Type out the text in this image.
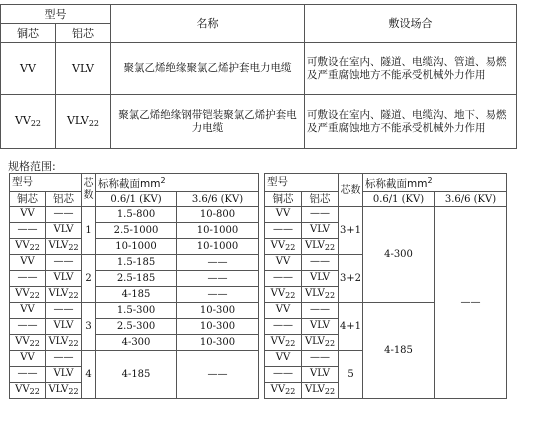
型号		名称	敷设场合
铜芯	铝芯		
VV	VLV	聚氯乙烯绝缘聚氯乙烯护套电力电缆	可敷设在室内、隧道、电缆沟、管道、易燃及严重腐蚀地方不能承受机械外力作用
$VV_{22}$	$VLV_{22}$	聚氯乙烯绝缘钢带铠装聚氯乙烯护套电力电缆	可敷设在室内、隧道、电缆沟、地下、易燃及严重腐蚀地方不能承受机械外力作用
规格范围:
型号		芯数	标称截面$mm^2$
铜芯	铝芯		0.6/1 (KV)	3.6/6 (KV)
VV	——	1	1.5-800	10-800
——	VLV		2.5-1000	10-1000
$VV_{22}$	$VLV_{22}$		10-1000	10-1000
VV	——	2	1.5-185	——
——	VLV		2.5-185	——
$VV_{22}$	$VLV_{22}$		4-185	——
VV	——	3	1.5-300	10-300
——	VLV		2.5-300	10-300
$VV_{22}$	$VLV_{22}$		4-300	10-300
VV	——	4	4-185	——
——	VLV			
$VV_{22}$	$VLV_{22}$
型号		芯数	标称截面$mm^2$
铜芯	铝芯		0.6/1 (KV)	3.6/6 (KV)
VV	——	3+1	4-300	——
——	VLV			
$VV_{22}$	$VLV_{22}$
VV	——	3+2		
——	VLV			
$VV_{22}$	$VLV_{22}$
VV	——	4+1	4-185	
——	VLV			
$VV_{22}$	$VLV_{22}$
VV	——	5		
——	VLV			
$VV_{22}$	$VLV_{22}$
